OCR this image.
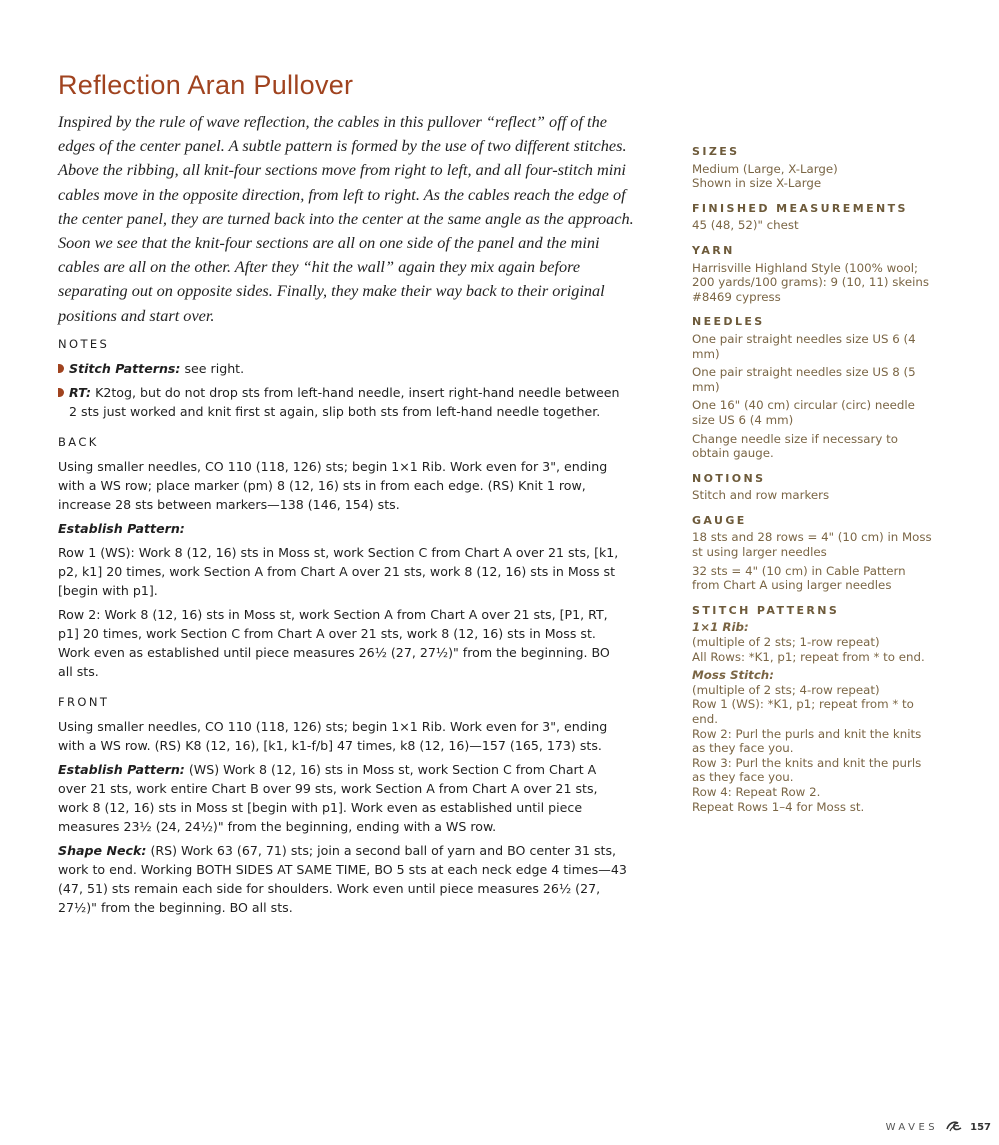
Reflection Aran Pullover

Inspired by the rule of wave reflection, the cables in this pullover “reflect” off of the edges of the center panel. A subtle pattern is formed by the use of two different stitches. Above the ribbing, all knit-four sections move from right to left, and all four-stitch mini cables move in the opposite direction, from left to right. As the cables reach the edge of the center panel, they are turned back into the center at the same angle as the approach. Soon we see that the knit-four sections are all on one side of the panel and the mini cables are all on the other. After they “hit the wall” again they mix again before separating out on opposite sides. Finally, they make their way back to their original positions and start over.

NOTES

Stitch Patterns: see right.

RT: K2tog, but do not drop sts from left-hand needle, insert right-hand needle between 2 sts just worked and knit first st again, slip both sts from left-hand needle together.

BACK

Using smaller needles, CO 110 (118, 126) sts; begin 1×1 Rib. Work even for 3", ending with a WS row; place marker (pm) 8 (12, 16) sts in from each edge. (RS) Knit 1 row, increase 28 sts between markers—138 (146, 154) sts.

Establish Pattern:

Row 1 (WS): Work 8 (12, 16) sts in Moss st, work Section C from Chart A over 21 sts, [k1, p2, k1] 20 times, work Section A from Chart A over 21 sts, work 8 (12, 16) sts in Moss st [begin with p1].

Row 2: Work 8 (12, 16) sts in Moss st, work Section A from Chart A over 21 sts, [P1, RT, p1] 20 times, work Section C from Chart A over 21 sts, work 8 (12, 16) sts in Moss st. Work even as established until piece measures 26½ (27, 27½)" from the beginning. BO all sts.

FRONT

Using smaller needles, CO 110 (118, 126) sts; begin 1×1 Rib. Work even for 3", ending with a WS row. (RS) K8 (12, 16), [k1, k1-f/b] 47 times, k8 (12, 16)—157 (165, 173) sts.

Establish Pattern: (WS) Work 8 (12, 16) sts in Moss st, work Section C from Chart A over 21 sts, work entire Chart B over 99 sts, work Section A from Chart A over 21 sts, work 8 (12, 16) sts in Moss st [begin with p1]. Work even as established until piece measures 23½ (24, 24½)" from the beginning, ending with a WS row.

Shape Neck: (RS) Work 63 (67, 71) sts; join a second ball of yarn and BO center 31 sts, work to end. Working BOTH SIDES AT SAME TIME, BO 5 sts at each neck edge 4 times—43 (47, 51) sts remain each side for shoulders. Work even until piece measures 26½ (27, 27½)" from the beginning. BO all sts.

SIZES

Medium (Large, X-Large)

Shown in size X-Large

FINISHED MEASUREMENTS

45 (48, 52)" chest

YARN

Harrisville Highland Style (100% wool; 200 yards/100 grams): 9 (10, 11) skeins #8469 cypress

NEEDLES

One pair straight needles size US 6 (4 mm)

One pair straight needles size US 8 (5 mm)

One 16" (40 cm) circular (circ) needle size US 6 (4 mm)

Change needle size if necessary to obtain gauge.

NOTIONS

Stitch and row markers

GAUGE

18 sts and 28 rows = 4" (10 cm) in Moss st using larger needles

32 sts = 4" (10 cm) in Cable Pattern from Chart A using larger needles

STITCH PATTERNS

1×1 Rib:

(multiple of 2 sts; 1-row repeat)

All Rows: *K1, p1; repeat from * to end.

Moss Stitch:

(multiple of 2 sts; 4-row repeat)

Row 1 (WS): *K1, p1; repeat from * to end.

Row 2: Purl the purls and knit the knits as they face you.

Row 3: Purl the knits and knit the purls as they face you.

Row 4: Repeat Row 2.

Repeat Rows 1–4 for Moss st.

WAVES	157
